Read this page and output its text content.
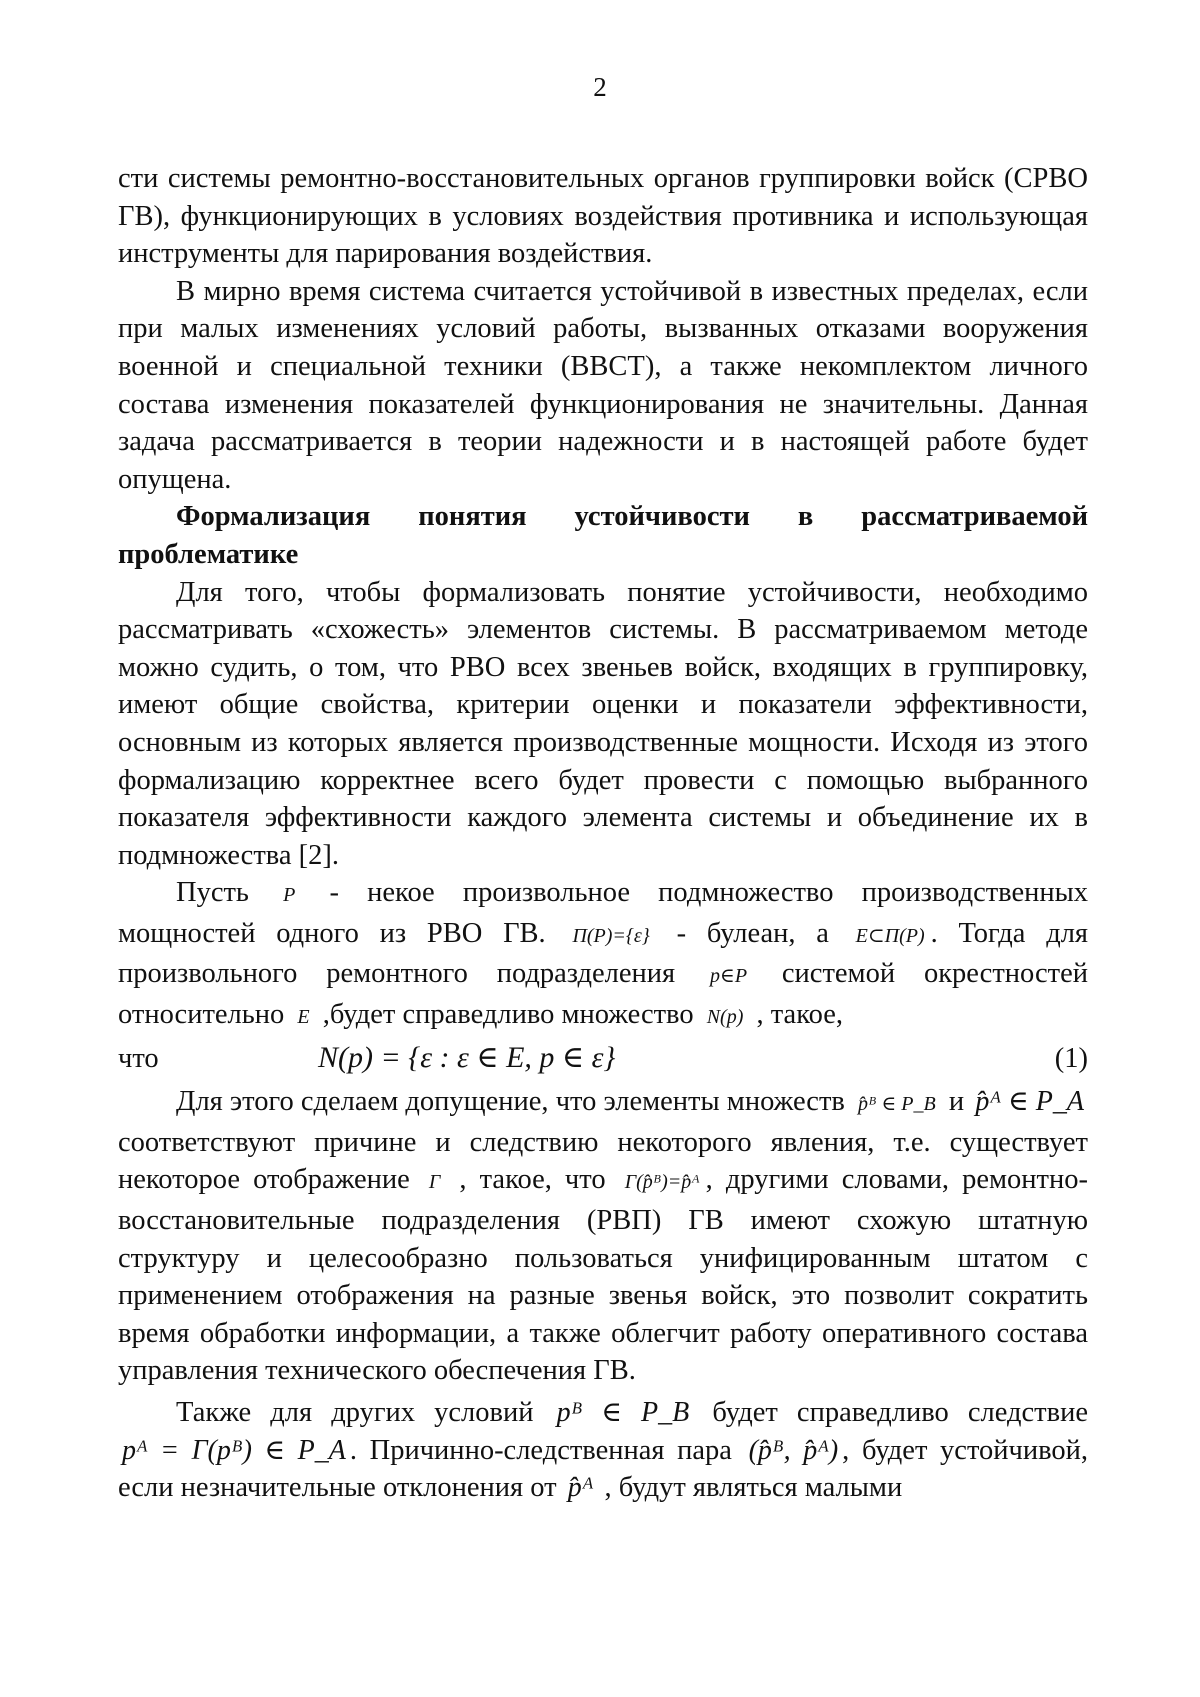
2

сти системы ремонтно-восстановительных органов группировки войск (СРВО ГВ), функционирующих в условиях воздействия противника и использующая инструменты для парирования воздействия.

В мирно время система считается устойчивой в известных пределах, если при малых изменениях условий работы, вызванных отказами вооружения военной и специальной техники (ВВСТ), а также некомплектом личного состава изменения показателей функционирования не значительны. Данная задача рассматривается в теории надежности и в настоящей работе будет опущена.

Формализация понятия устойчивости в рассматриваемой проблематике

Для того, чтобы формализовать понятие устойчивости, необходимо рассматривать «схожесть» элементов системы. В рассматриваемом методе можно судить, о том, что РВО всех звеньев войск, входящих в группировку, имеют общие свойства, критерии оценки и показатели эффективности, основным из которых является производственные мощности. Исходя из этого формализацию корректнее всего будет провести с помощью выбранного показателя эффективности каждого элемента системы и объединение их в подмножества [2].

Пусть P - некое произвольное подмножество производственных мощностей одного из РВО ГВ. Π(P)={ε} - булеан, а E⊂Π(P) . Тогда для произвольного ремонтного подразделения p∈P системой окрестностей относительно E ,будет справедливо множество N(p) , такое,

что	N(p) = {ε : ε ∈ E, p ∈ ε}	(1)

Для этого сделаем допущение, что элементы множеств p̂ᴮ ∈ P_B и p̂ᴬ ∈ P_A соответствуют причине и следствию некоторого явления, т.е. существует некоторое отображение Γ , такое, что Γ(p̂ᴮ)=p̂ᴬ , другими словами, ремонтно-восстановительные подразделения (РВП) ГВ имеют схожую штатную структуру и целесообразно пользоваться унифицированным штатом с применением отображения на разные звенья войск, это позволит сократить время обработки информации, а также облегчит работу оперативного состава управления технического обеспечения ГВ.

Также для других условий pᴮ ∈ P_B будет справедливо следствие pᴬ = Γ(pᴮ) ∈ P_A . Причинно-следственная пара (p̂ᴮ, p̂ᴬ) , будет устойчивой, если незначительные отклонения от p̂ᴬ , будут являться малыми
